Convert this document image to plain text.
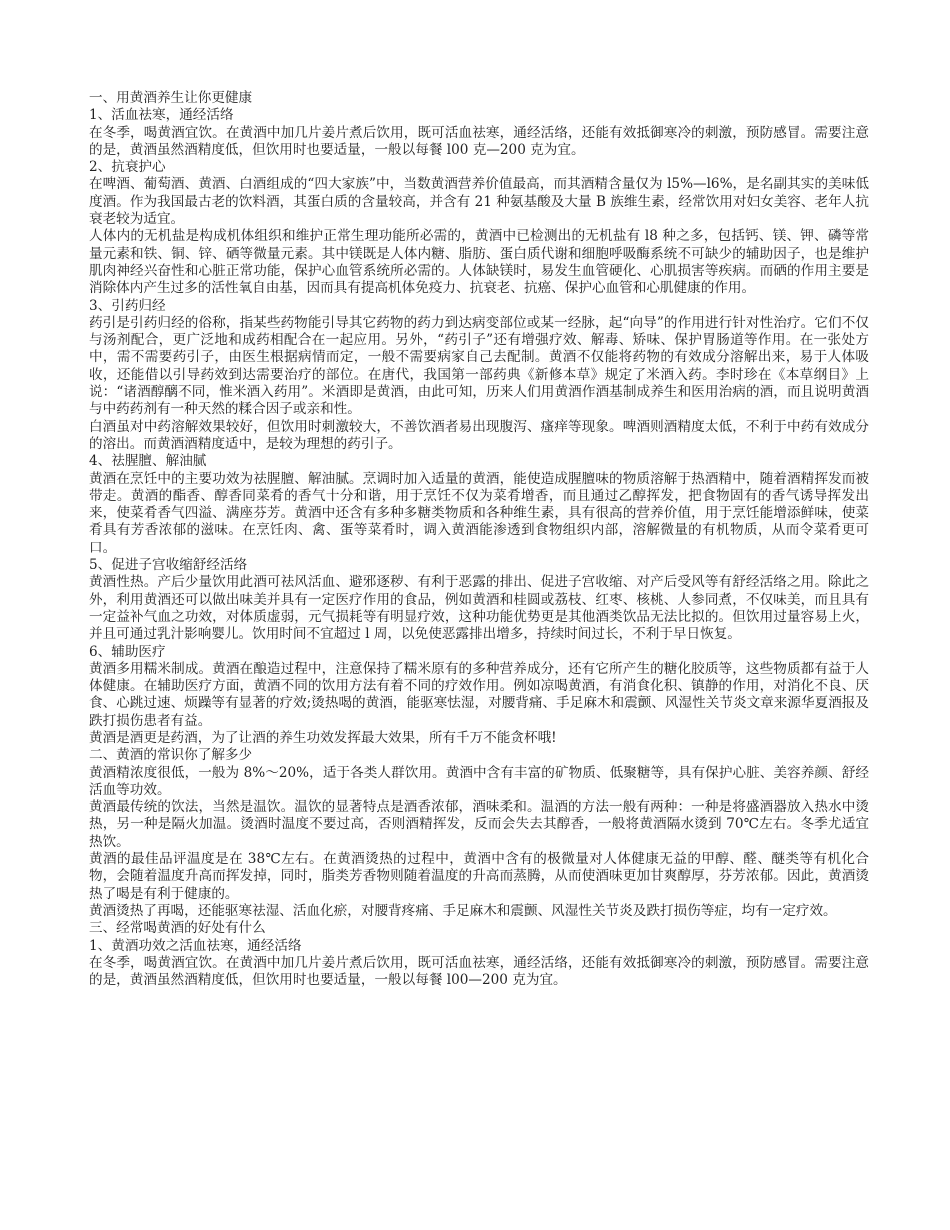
一、用黄酒养生让你更健康

1、活血祛寒，通经活络

在冬季，喝黄酒宜饮。在黄酒中加几片姜片煮后饮用，既可活血祛寒，通经活络，还能有效抵御寒冷的刺激，预防感冒。需要注意的是，黄酒虽然酒精度低，但饮用时也要适量，一般以每餐 l00 克—200 克为宜。

2、抗衰护心

在啤酒、葡萄酒、黄酒、白酒组成的“四大家族”中，当数黄酒营养价值最高，而其酒精含量仅为 l5%—l6%，是名副其实的美味低度酒。作为我国最古老的饮料酒，其蛋白质的含量较高，并含有 21 种氨基酸及大量 B 族维生素，经常饮用对妇女美容、老年人抗衰老较为适宜。

人体内的无机盐是构成机体组织和维护正常生理功能所必需的，黄酒中已检测出的无机盐有 l8 种之多，包括钙、镁、钾、磷等常量元素和铁、铜、锌、硒等微量元素。其中镁既是人体内糖、脂肪、蛋白质代谢和细胞呼吸酶系统不可缺少的辅助因子，也是维护肌肉神经兴奋性和心脏正常功能，保护心血管系统所必需的。人体缺镁时，易发生血管硬化、心肌损害等疾病。而硒的作用主要是消除体内产生过多的活性氧自由基，因而具有提高机体免疫力、抗衰老、抗癌、保护心血管和心肌健康的作用。

3、引药归经

药引是引药归经的俗称，指某些药物能引导其它药物的药力到达病变部位或某一经脉，起“向导”的作用进行针对性治疗。它们不仅与汤剂配合，更广泛地和成药相配合在一起应用。另外，“药引子”还有增强疗效、解毒、矫味、保护胃肠道等作用。在一张处方中，需不需要药引子，由医生根据病情而定，一般不需要病家自己去配制。黄酒不仅能将药物的有效成分溶解出来，易于人体吸收，还能借以引导药效到达需要治疗的部位。在唐代，我国第一部药典《新修本草》规定了米酒入药。李时珍在《本草纲目》上说：“诸酒醇醨不同，惟米酒入药用”。米酒即是黄酒，由此可知，历来人们用黄酒作酒基制成养生和医用治病的酒，而且说明黄酒与中药药剂有一种天然的糅合因子或亲和性。

白酒虽对中药溶解效果较好，但饮用时刺激较大，不善饮酒者易出现腹泻、瘙痒等现象。啤酒则酒精度太低，不利于中药有效成分的溶出。而黄酒酒精度适中，是较为理想的药引子。

4、祛腥膻、解油腻

黄酒在烹饪中的主要功效为祛腥膻、解油腻。烹调时加入适量的黄酒，能使造成腥膻味的物质溶解于热酒精中，随着酒精挥发而被带走。黄酒的酯香、醇香同菜肴的香气十分和谐，用于烹饪不仅为菜肴增香，而且通过乙醇挥发，把食物固有的香气诱导挥发出来，使菜肴香气四溢、满座芬芳。黄酒中还含有多种多糖类物质和各种维生素，具有很高的营养价值，用于烹饪能增添鲜味，使菜肴具有芳香浓郁的滋味。在烹饪肉、禽、蛋等菜肴时，调入黄酒能渗透到食物组织内部，溶解微量的有机物质，从而令菜肴更可口。

5、促进子宫收缩舒经活络

黄酒性热。产后少量饮用此酒可祛风活血、避邪逐秽、有利于恶露的排出、促进子宫收缩、对产后受风等有舒经活络之用。除此之外，利用黄酒还可以做出味美并具有一定医疗作用的食品，例如黄酒和桂圆或荔枝、红枣、核桃、人参同煮，不仅味美，而且具有一定益补气血之功效，对体质虚弱，元气损耗等有明显疗效，这种功能优势更是其他酒类饮品无法比拟的。但饮用过量容易上火，并且可通过乳汁影响婴儿。饮用时间不宜超过 l 周，以免使恶露排出增多，持续时间过长，不利于早日恢复。

6、辅助医疗

黄酒多用糯米制成。黄酒在酿造过程中，注意保持了糯米原有的多种营养成分，还有它所产生的糖化胶质等，这些物质都有益于人体健康。在辅助医疗方面，黄酒不同的饮用方法有着不同的疗效作用。例如凉喝黄酒，有消食化积、镇静的作用，对消化不良、厌食、心跳过速、烦躁等有显著的疗效;烫热喝的黄酒，能驱寒怯湿，对腰背痛、手足麻木和震颤、风湿性关节炎文章来源华夏酒报及跌打损伤患者有益。

黄酒是酒更是药酒，为了让酒的养生功效发挥最大效果，所有千万不能贪杯哦!

二、黄酒的常识你了解多少

黄酒精浓度很低，一般为 8%～20%，适于各类人群饮用。黄酒中含有丰富的矿物质、低聚糖等，具有保护心脏、美容养颜、舒经活血等功效。

黄酒最传统的饮法，当然是温饮。温饮的显著特点是酒香浓郁，酒味柔和。温酒的方法一般有两种：一种是将盛酒器放入热水中烫热，另一种是隔火加温。烫酒时温度不要过高，否则酒精挥发，反而会失去其醇香，一般将黄酒隔水烫到 70℃左右。冬季尤适宜热饮。

黄酒的最佳品评温度是在 38℃左右。在黄酒烫热的过程中，黄酒中含有的极微量对人体健康无益的甲醇、醛、醚类等有机化合物，会随着温度升高而挥发掉，同时，脂类芳香物则随着温度的升高而蒸腾，从而使酒味更加甘爽醇厚，芬芳浓郁。因此，黄酒烫热了喝是有利于健康的。

黄酒烫热了再喝，还能驱寒祛湿、活血化瘀，对腰背疼痛、手足麻木和震颤、风湿性关节炎及跌打损伤等症，均有一定疗效。

三、经常喝黄酒的好处有什么

1、黄酒功效之活血祛寒，通经活络

在冬季，喝黄酒宜饮。在黄酒中加几片姜片煮后饮用，既可活血祛寒，通经活络，还能有效抵御寒冷的刺激，预防感冒。需要注意的是，黄酒虽然酒精度低，但饮用时也要适量，一般以每餐 l00—200 克为宜。
